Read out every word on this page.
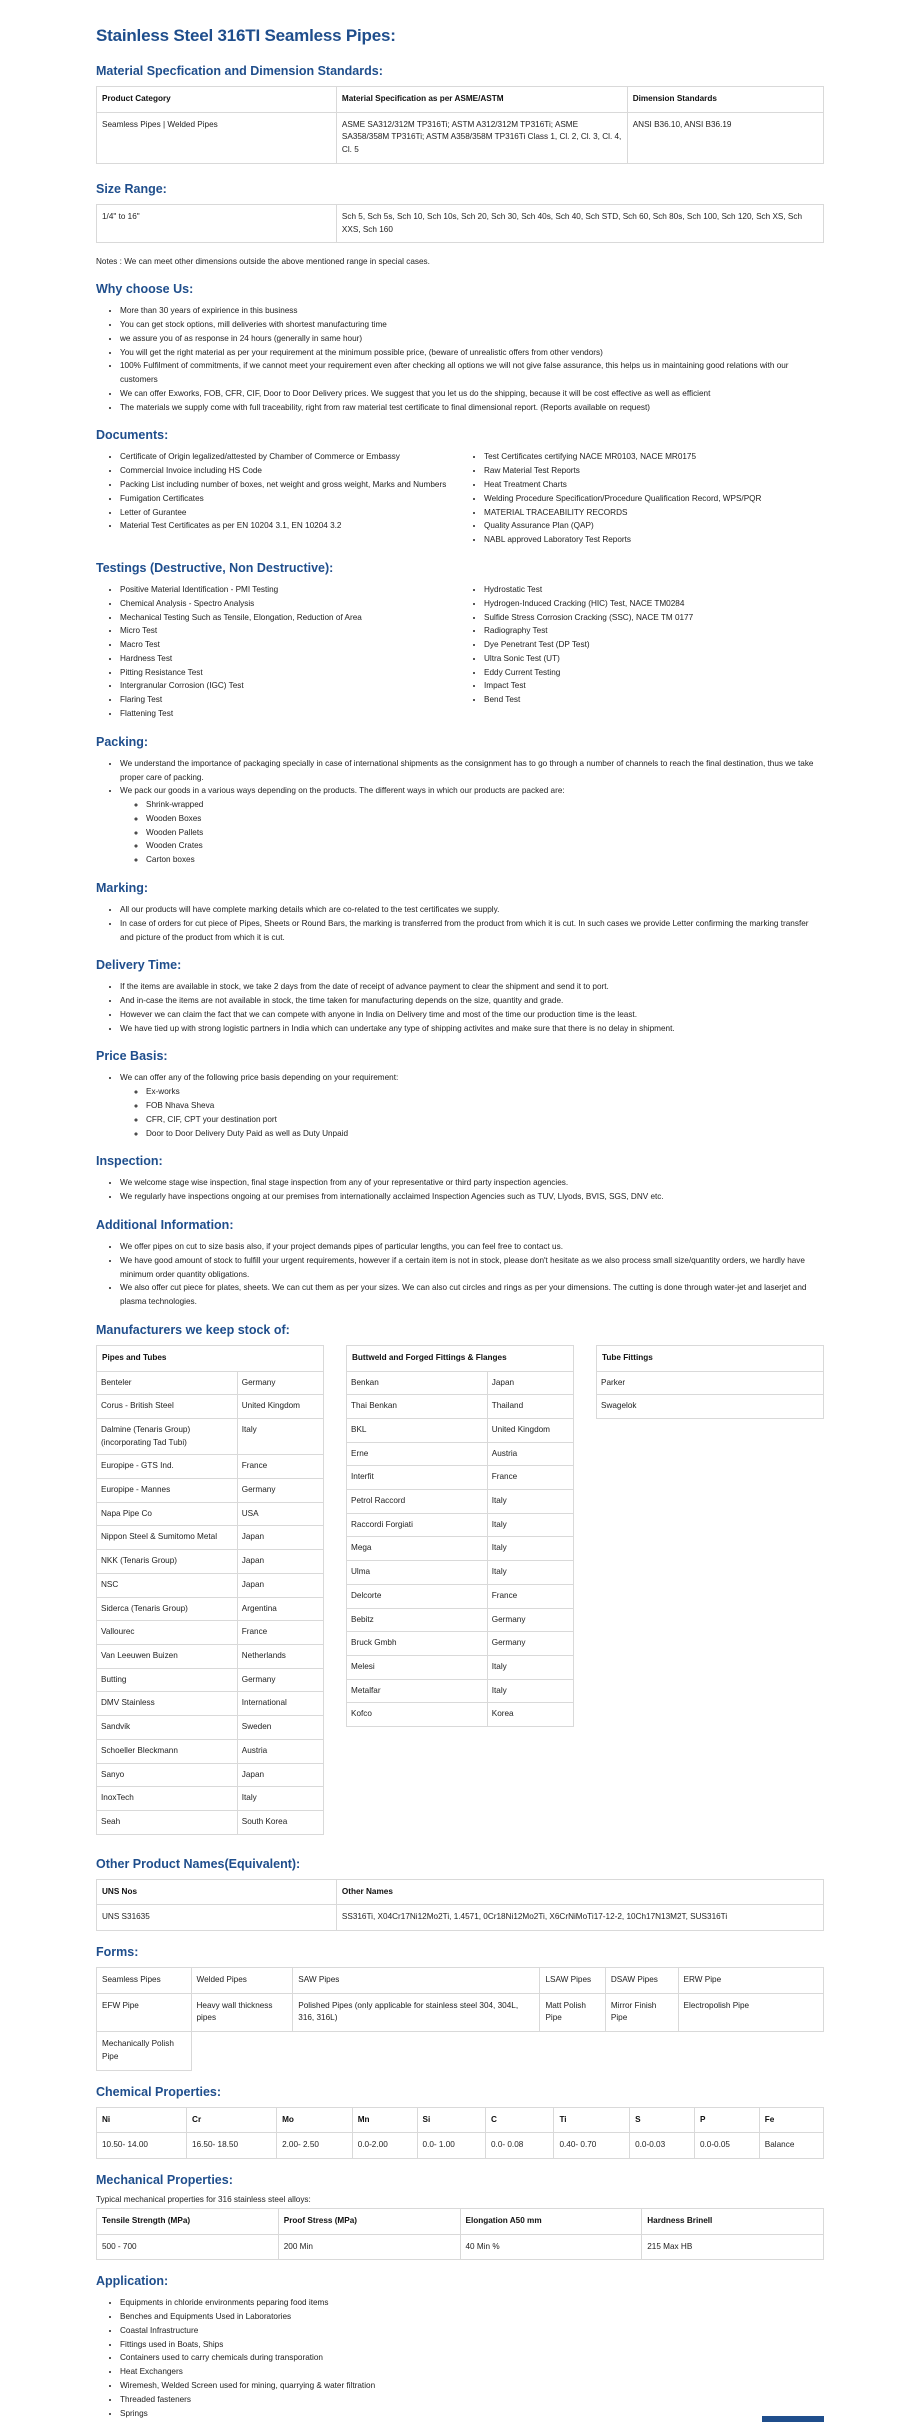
Stainless Steel 316TI Seamless Pipes:
Material Specfication and Dimension Standards:
Product Category	Material Specification as per ASME/ASTM	Dimension Standards
Seamless Pipes | Welded Pipes	ASME SA312/312M TP316Ti; ASTM A312/312M TP316Ti; ASME SA358/358M TP316Ti; ASTM A358/358M TP316Ti Class 1, Cl. 2, Cl. 3, Cl. 4, Cl. 5	ANSI B36.10, ANSI B36.19
Size Range:
1/4" to 16"	Sch 5, Sch 5s, Sch 10, Sch 10s, Sch 20, Sch 30, Sch 40s, Sch 40, Sch STD, Sch 60, Sch 80s, Sch 100, Sch 120, Sch XS, Sch XXS, Sch 160

Notes : We can meet other dimensions outside the above mentioned range in special cases.

Why choose Us:
• More than 30 years of expirience in this business
• You can get stock options, mill deliveries with shortest manufacturing time
• we assure you of as response in 24 hours (generally in same hour)
• You will get the right material as per your requirement at the minimum possible price, (beware of unrealistic offers from other vendors)
• 100% Fulfilment of commitments, if we cannot meet your requirement even after checking all options we will not give false assurance, this helps us in maintaining good relations with our customers
• We can offer Exworks, FOB, CFR, CIF, Door to Door Delivery prices. We suggest that you let us do the shipping, because it will be cost effective as well as efficient
• The materials we supply come with full traceability, right from raw material test certificate to final dimensional report. (Reports available on request)
Documents:
• Certificate of Origin legalized/attested by Chamber of Commerce or Embassy
• Commercial Invoice including HS Code
• Packing List including number of boxes, net weight and gross weight, Marks and Numbers
• Fumigation Certificates
• Letter of Gurantee
• Material Test Certificates as per EN 10204 3.1, EN 10204 3.2
• Test Certificates certifying NACE MR0103, NACE MR0175
• Raw Material Test Reports
• Heat Treatment Charts
• Welding Procedure Specification/Procedure Qualification Record, WPS/PQR
• MATERIAL TRACEABILITY RECORDS
• Quality Assurance Plan (QAP)
• NABL approved Laboratory Test Reports
Testings (Destructive, Non Destructive):
• Positive Material Identification - PMI Testing
• Chemical Analysis - Spectro Analysis
• Mechanical Testing Such as Tensile, Elongation, Reduction of Area
• Micro Test
• Macro Test
• Hardness Test
• Pitting Resistance Test
• Intergranular Corrosion (IGC) Test
• Flaring Test
• Flattening Test
• Hydrostatic Test
• Hydrogen-Induced Cracking (HIC) Test, NACE TM0284
• Sulfide Stress Corrosion Cracking (SSC), NACE TM 0177
• Radiography Test
• Dye Penetrant Test (DP Test)
• Ultra Sonic Test (UT)
• Eddy Current Testing
• Impact Test
• Bend Test
Packing:
• We understand the importance of packaging specially in case of international shipments as the consignment has to go through a number of channels to reach the final destination, thus we take proper care of packing.
• We pack our goods in a various ways depending on the products. The different ways in which our products are packed are:
◦ Shrink-wrapped
◦ Wooden Boxes
◦ Wooden Pallets
◦ Wooden Crates
◦ Carton boxes
Marking:
• All our products will have complete marking details which are co-related to the test certificates we supply.
• In case of orders for cut piece of Pipes, Sheets or Round Bars, the marking is transferred from the product from which it is cut. In such cases we provide Letter confirming the marking transfer and picture of the product from which it is cut.
Delivery Time:
• If the items are available in stock, we take 2 days from the date of receipt of advance payment to clear the shipment and send it to port.
• And in-case the items are not available in stock, the time taken for manufacturing depends on the size, quantity and grade.
• However we can claim the fact that we can compete with anyone in India on Delivery time and most of the time our production time is the least.
• We have tied up with strong logistic partners in India which can undertake any type of shipping activites and make sure that there is no delay in shipment.
Price Basis:
• We can offer any of the following price basis depending on your requirement:
◦ Ex-works
◦ FOB Nhava Sheva
◦ CFR, CIF, CPT your destination port
◦ Door to Door Delivery Duty Paid as well as Duty Unpaid
Inspection:
• We welcome stage wise inspection, final stage inspection from any of your representative or third party inspection agencies.
• We regularly have inspections ongoing at our premises from internationally acclaimed Inspection Agencies such as TUV, Llyods, BVIS, SGS, DNV etc.
Additional Information:
• We offer pipes on cut to size basis also, if your project demands pipes of particular lengths, you can feel free to contact us.
• We have good amount of stock to fulfill your urgent requirements, however if a certain item is not in stock, please don't hesitate as we also process small size/quantity orders, we hardly have minimum order quantity obligations.
• We also offer cut piece for plates, sheets. We can cut them as per your sizes. We can also cut circles and rings as per your dimensions. The cutting is done through water-jet and laserjet and plasma technologies.
Manufacturers we keep stock of:
Pipes and Tubes	
Benteler	Germany
Corus - British Steel	United Kingdom
Dalmine (Tenaris Group) (incorporating Tad Tubi)	Italy
Europipe - GTS Ind.	France
Europipe - Mannes	Germany
Napa Pipe Co	USA
Nippon Steel & Sumitomo Metal	Japan
NKK (Tenaris Group)	Japan
NSC	Japan
Siderca (Tenaris Group)	Argentina
Vallourec	France
Van Leeuwen Buizen	Netherlands
Butting	Germany
DMV Stainless	International
Sandvik	Sweden
Schoeller Bleckmann	Austria
Sanyo	Japan
InoxTech	Italy
Seah	South Korea
Buttweld and Forged Fittings & Flanges	
Benkan	Japan
Thai Benkan	Thailand
BKL	United Kingdom
Erne	Austria
Interfit	France
Petrol Raccord	Italy
Raccordi Forgiati	Italy
Mega	Italy
Ulma	Italy
Delcorte	France
Bebitz	Germany
Bruck Gmbh	Germany
Melesi	Italy
Metalfar	Italy
Kofco	Korea
Tube Fittings
Parker
Swagelok
Other Product Names(Equivalent):
UNS Nos	Other Names
UNS S31635	SS316Ti, X04Cr17Ni12Mo2Ti, 1.4571, 0Cr18Ni12Mo2Ti, X6CrNiMoTi17-12-2, 10Ch17N13M2T, SUS316Ti
Forms:
Seamless Pipes	Welded Pipes	SAW Pipes	LSAW Pipes	DSAW Pipes	ERW Pipe
EFW Pipe	Heavy wall thickness pipes	Polished Pipes (only applicable for stainless steel 304, 304L, 316, 316L)	Matt Polish Pipe	Mirror Finish Pipe	Electropolish Pipe
Mechanically Polish Pipe					
Chemical Properties:
Ni	Cr	Mo	Mn	Si	C	Ti	S	P	Fe
10.50- 14.00	16.50- 18.50	2.00- 2.50	0.0-2.00	0.0- 1.00	0.0- 0.08	0.40- 0.70	0.0-0.03	0.0-0.05	Balance
Mechanical Properties:

Typical mechanical properties for 316 stainless steel alloys:

Tensile Strength (MPa)	Proof Stress (MPa)	Elongation A50 mm	Hardness Brinell
500 - 700	200 Min	40 Min %	215 Max HB
Application:
• Equipments in chloride environments peparing food items
• Benches and Equipments Used in Laboratories
• Coastal Infrastructure
• Fittings used in Boats, Ships
• Containers used to carry chemicals during transporation
• Heat Exchangers
• Wiremesh, Welded Screen used for mining, quarrying & water filtration
• Threaded fasteners
• Springs
